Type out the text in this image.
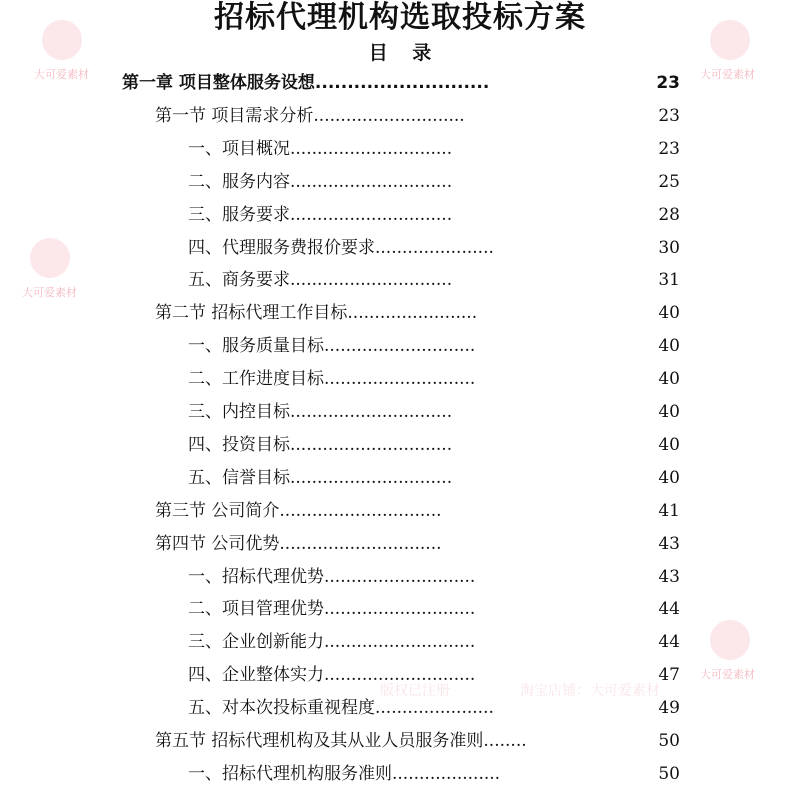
招标代理机构选取投标方案
目 录
第一章 项目整体服务设想...........................	23
第一节 项目需求分析............................	23
一、项目概况..............................	23
二、服务内容..............................	25
三、服务要求..............................	28
四、代理服务费报价要求......................	30
五、商务要求..............................	31
第二节 招标代理工作目标........................	40
一、服务质量目标............................	40
二、工作进度目标............................	40
三、内控目标..............................	40
四、投资目标..............................	40
五、信誉目标..............................	40
第三节 公司简介..............................	41
第四节 公司优势..............................	43
一、招标代理优势............................	43
二、项目管理优势............................	44
三、企业创新能力............................	44
四、企业整体实力............................	47
五、对本次投标重视程度......................	49
第五节 招标代理机构及其从业人员服务准则........	50
一、招标代理机构服务准则....................	50
大可爱素材	大可爱素材
大可爱素材
大可爱素材
版权已注册	淘宝店铺：大可爱素材
